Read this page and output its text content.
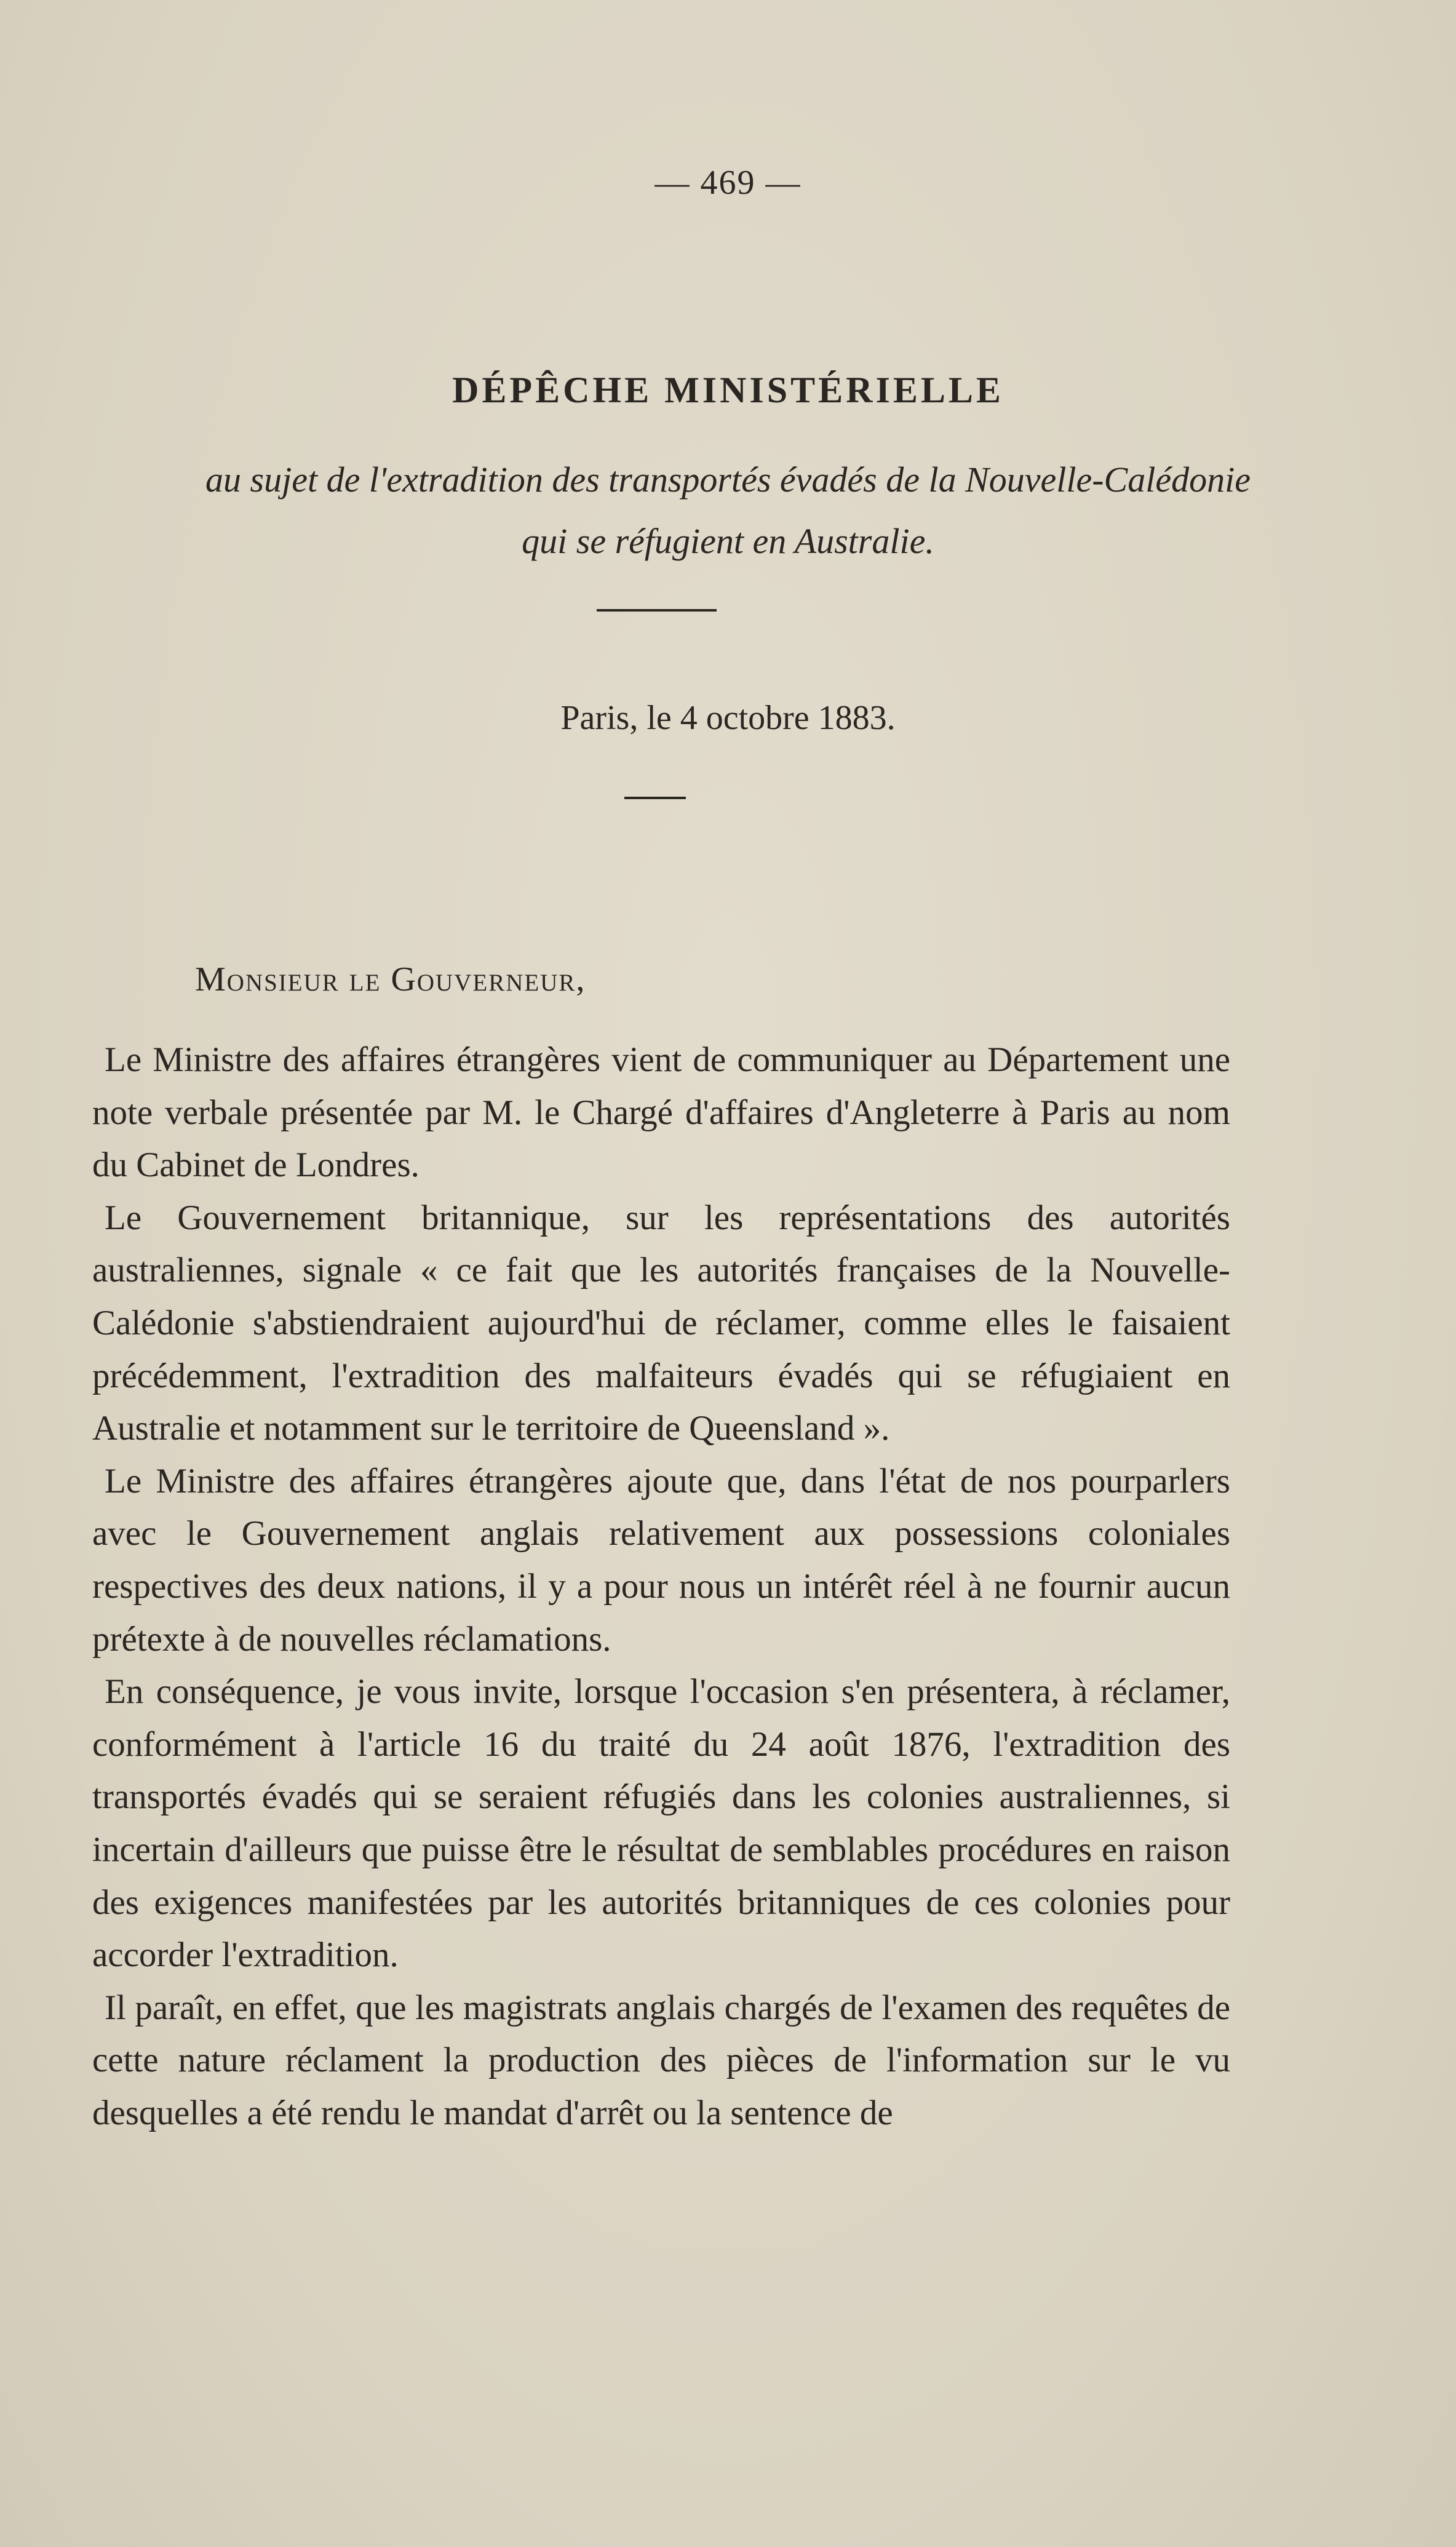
— 469 —
DÉPÊCHE MINISTÉRIELLE
au sujet de l'extradition des transportés évadés de la Nouvelle-Calédonie
qui se réfugient en Australie.
Paris, le 4 octobre 1883.
Monsieur le Gouverneur,

Le Ministre des affaires étrangères vient de communiquer au Département une note verbale présentée par M. le Chargé d'affaires d'Angleterre à Paris au nom du Cabinet de Londres.

Le Gouvernement britannique, sur les représentations des autorités australiennes, signale « ce fait que les autorités françaises de la Nouvelle-Calédonie s'abstiendraient aujourd'hui de réclamer, comme elles le faisaient précédemment, l'extradition des malfaiteurs évadés qui se réfugiaient en Australie et notamment sur le territoire de Queensland ».

Le Ministre des affaires étrangères ajoute que, dans l'état de nos pourparlers avec le Gouvernement anglais relativement aux possessions coloniales respectives des deux nations, il y a pour nous un intérêt réel à ne fournir aucun prétexte à de nouvelles réclamations.

En conséquence, je vous invite, lorsque l'occasion s'en présentera, à réclamer, conformément à l'article 16 du traité du 24 août 1876, l'extradition des transportés évadés qui se seraient réfugiés dans les colonies australiennes, si incertain d'ailleurs que puisse être le résultat de semblables procédures en raison des exigences manifestées par les autorités britanniques de ces colonies pour accorder l'extradition.

Il paraît, en effet, que les magistrats anglais chargés de l'examen des requêtes de cette nature réclament la production des pièces de l'information sur le vu desquelles a été rendu le mandat d'arrêt ou la sentence de
